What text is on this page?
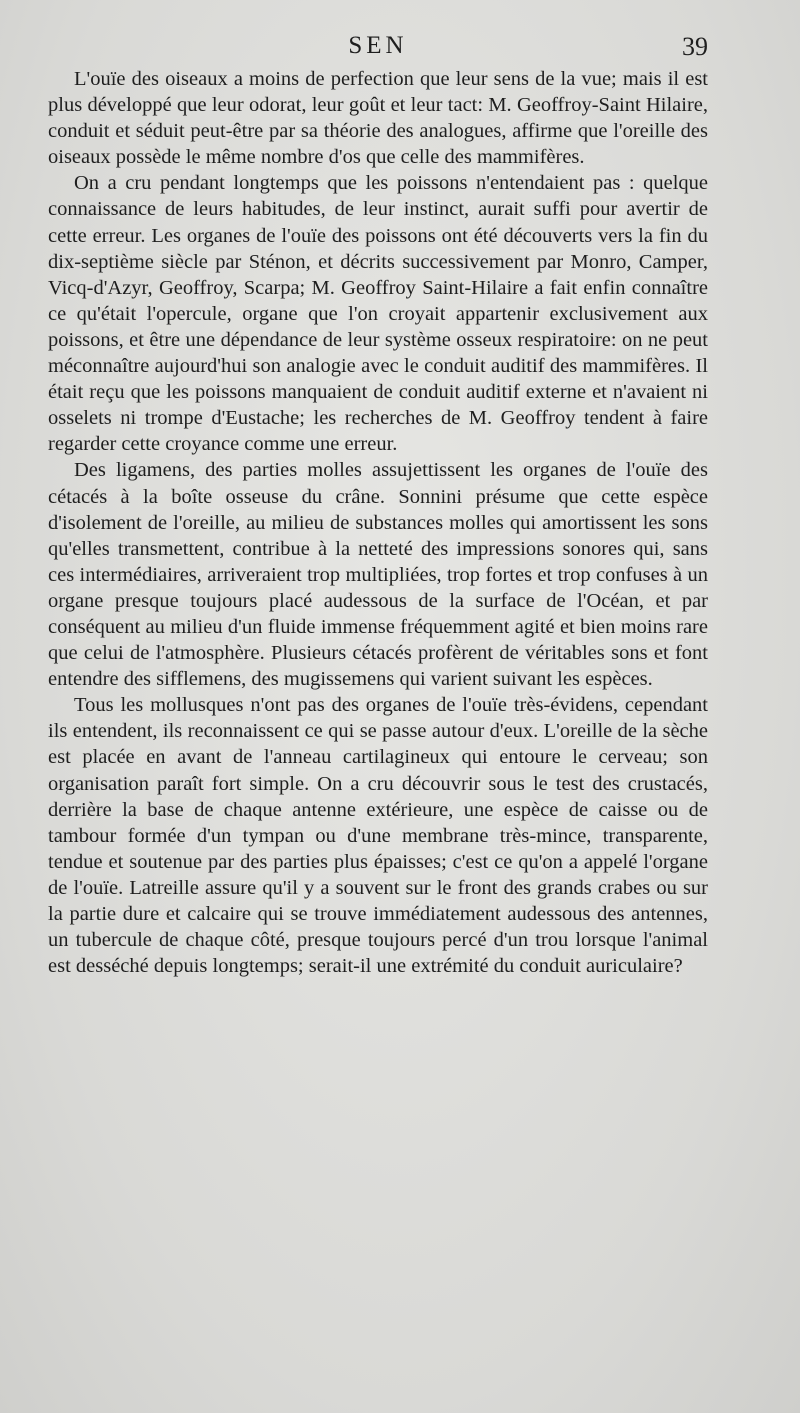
SEN	39

L'ouïe des oiseaux a moins de perfection que leur sens de la vue; mais il est plus développé que leur odorat, leur goût et leur tact: M. Geoffroy-Saint Hilaire, conduit et séduit peut-être par sa théorie des analogues, affirme que l'oreille des oiseaux possède le même nombre d'os que celle des mammifères.

On a cru pendant longtemps que les poissons n'entendaient pas : quelque connaissance de leurs habitudes, de leur instinct, aurait suffi pour avertir de cette erreur. Les organes de l'ouïe des poissons ont été découverts vers la fin du dix-septième siècle par Sténon, et décrits successivement par Monro, Camper, Vicq-d'Azyr, Geoffroy, Scarpa; M. Geoffroy Saint-Hilaire a fait enfin connaître ce qu'était l'opercule, organe que l'on croyait appartenir exclusivement aux poissons, et être une dépendance de leur système osseux respiratoire: on ne peut méconnaître aujourd'hui son analogie avec le conduit auditif des mammifères. Il était reçu que les poissons manquaient de conduit auditif externe et n'avaient ni osselets ni trompe d'Eustache; les recherches de M. Geoffroy tendent à faire regarder cette croyance comme une erreur.

Des ligamens, des parties molles assujettissent les organes de l'ouïe des cétacés à la boîte osseuse du crâne. Sonnini présume que cette espèce d'isolement de l'oreille, au milieu de substances molles qui amortissent les sons qu'elles transmettent, contribue à la netteté des impressions sonores qui, sans ces intermédiaires, arriveraient trop multipliées, trop fortes et trop confuses à un organe presque toujours placé audessous de la surface de l'Océan, et par conséquent au milieu d'un fluide immense fréquemment agité et bien moins rare que celui de l'atmosphère. Plusieurs cétacés profèrent de véritables sons et font entendre des sifflemens, des mugissemens qui varient suivant les espèces.

Tous les mollusques n'ont pas des organes de l'ouïe très-évidens, cependant ils entendent, ils reconnaissent ce qui se passe autour d'eux. L'oreille de la sèche est placée en avant de l'anneau cartilagineux qui entoure le cerveau; son organisation paraît fort simple. On a cru découvrir sous le test des crustacés, derrière la base de chaque antenne extérieure, une espèce de caisse ou de tambour formée d'un tympan ou d'une membrane très-mince, transparente, tendue et soutenue par des parties plus épaisses; c'est ce qu'on a appelé l'organe de l'ouïe. Latreille assure qu'il y a souvent sur le front des grands crabes ou sur la partie dure et calcaire qui se trouve immédiatement audessous des antennes, un tubercule de chaque côté, presque toujours percé d'un trou lorsque l'animal est desséché depuis longtemps; serait-il une extrémité du conduit auriculaire?
